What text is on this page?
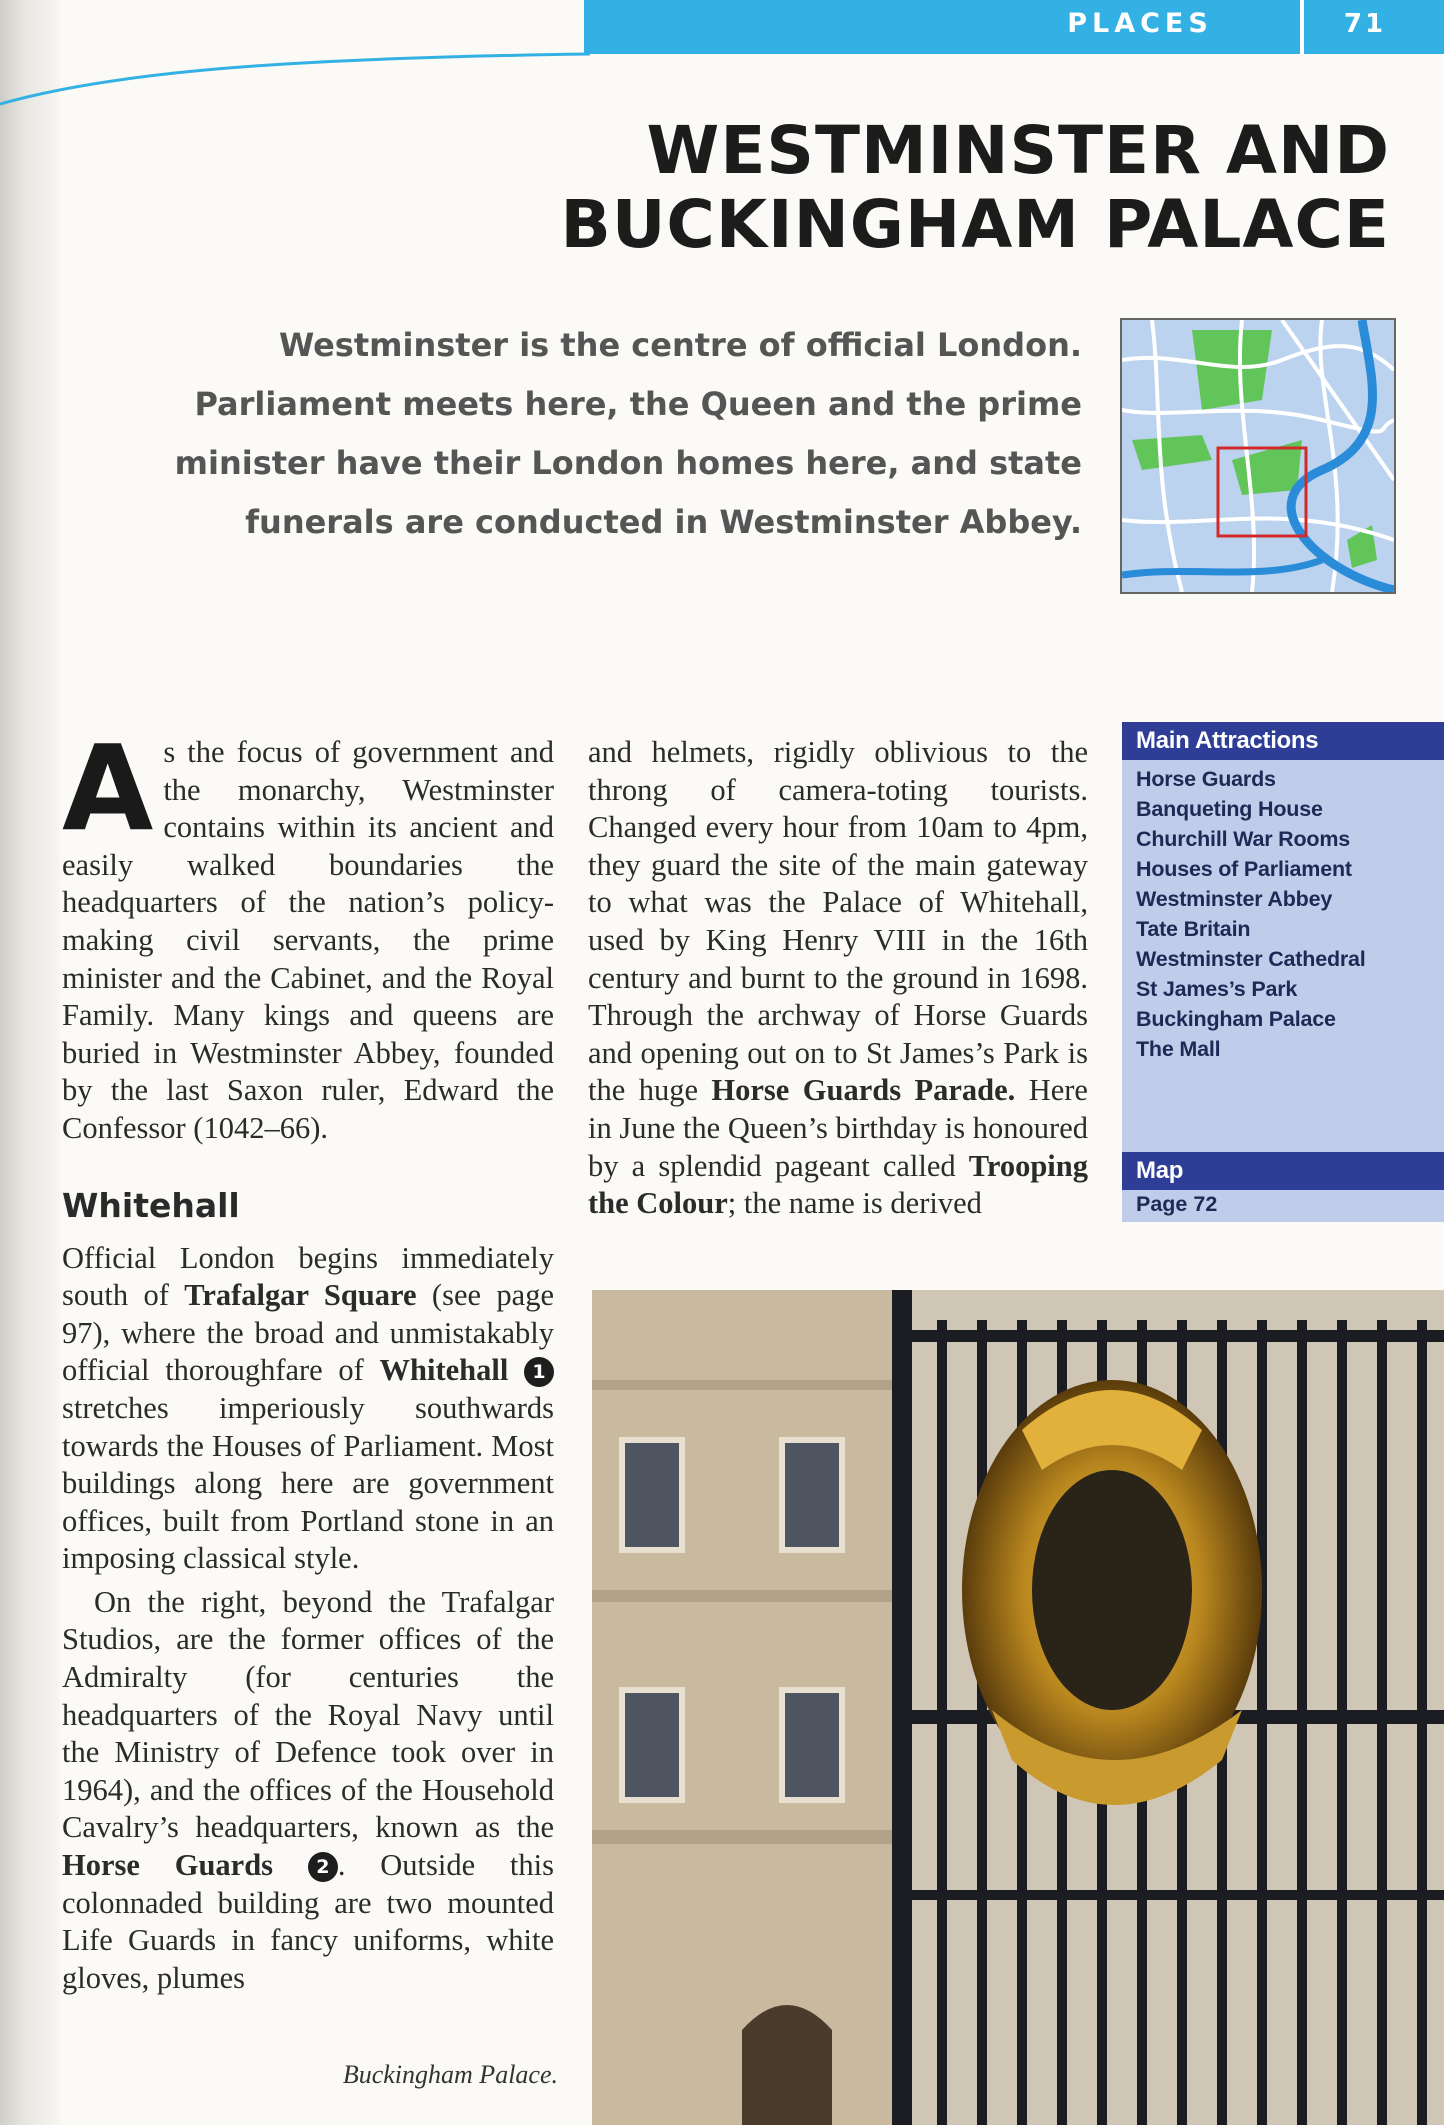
PLACES	71
WESTMINSTER AND
BUCKINGHAM PALACE
Westminster is the centre of official London.
Parliament meets here, the Queen and the prime
minister have their London homes here, and state
funerals are conducted in Westminster Abbey.

As the focus of government and the monarchy, Westminster contains within its ancient and easily walked boundaries the headquarters of the nation’s policy-making civil servants, the prime minister and the Cabinet, and the Royal Family. Many kings and queens are buried in Westminster Abbey, founded by the last Saxon ruler, Edward the Confessor (1042–66).

Whitehall

Official London begins immediately south of Trafalgar Square (see page 97), where the broad and unmistakably official thoroughfare of Whitehall 1 stretches imperiously southwards towards the Houses of Parliament. Most buildings along here are government offices, built from Portland stone in an imposing classical style.

On the right, beyond the Trafalgar Studios, are the former offices of the Admiralty (for centuries the headquarters of the Royal Navy until the Ministry of Defence took over in 1964), and the offices of the Household Cavalry’s headquarters, known as the Horse Guards 2 . Outside this colonnaded building are two mounted Life Guards in fancy uniforms, white gloves, plumes

and helmets, rigidly oblivious to the throng of camera-toting tourists. Changed every hour from 10am to 4pm, they guard the site of the main gateway to what was the Palace of Whitehall, used by King Henry VIII in the 16th century and burnt to the ground in 1698. Through the archway of Horse Guards and opening out on to St James’s Park is the huge Horse Guards Parade. Here in June the Queen’s birthday is honoured by a splendid pageant called Trooping the Colour; the name is derived

Main Attractions
Horse Guards
Banqueting House
Churchill War Rooms
Houses of Parliament
Westminster Abbey
Tate Britain
Westminster Cathedral
St James’s Park
Buckingham Palace
The Mall
Map
Page 72
Buckingham Palace.
